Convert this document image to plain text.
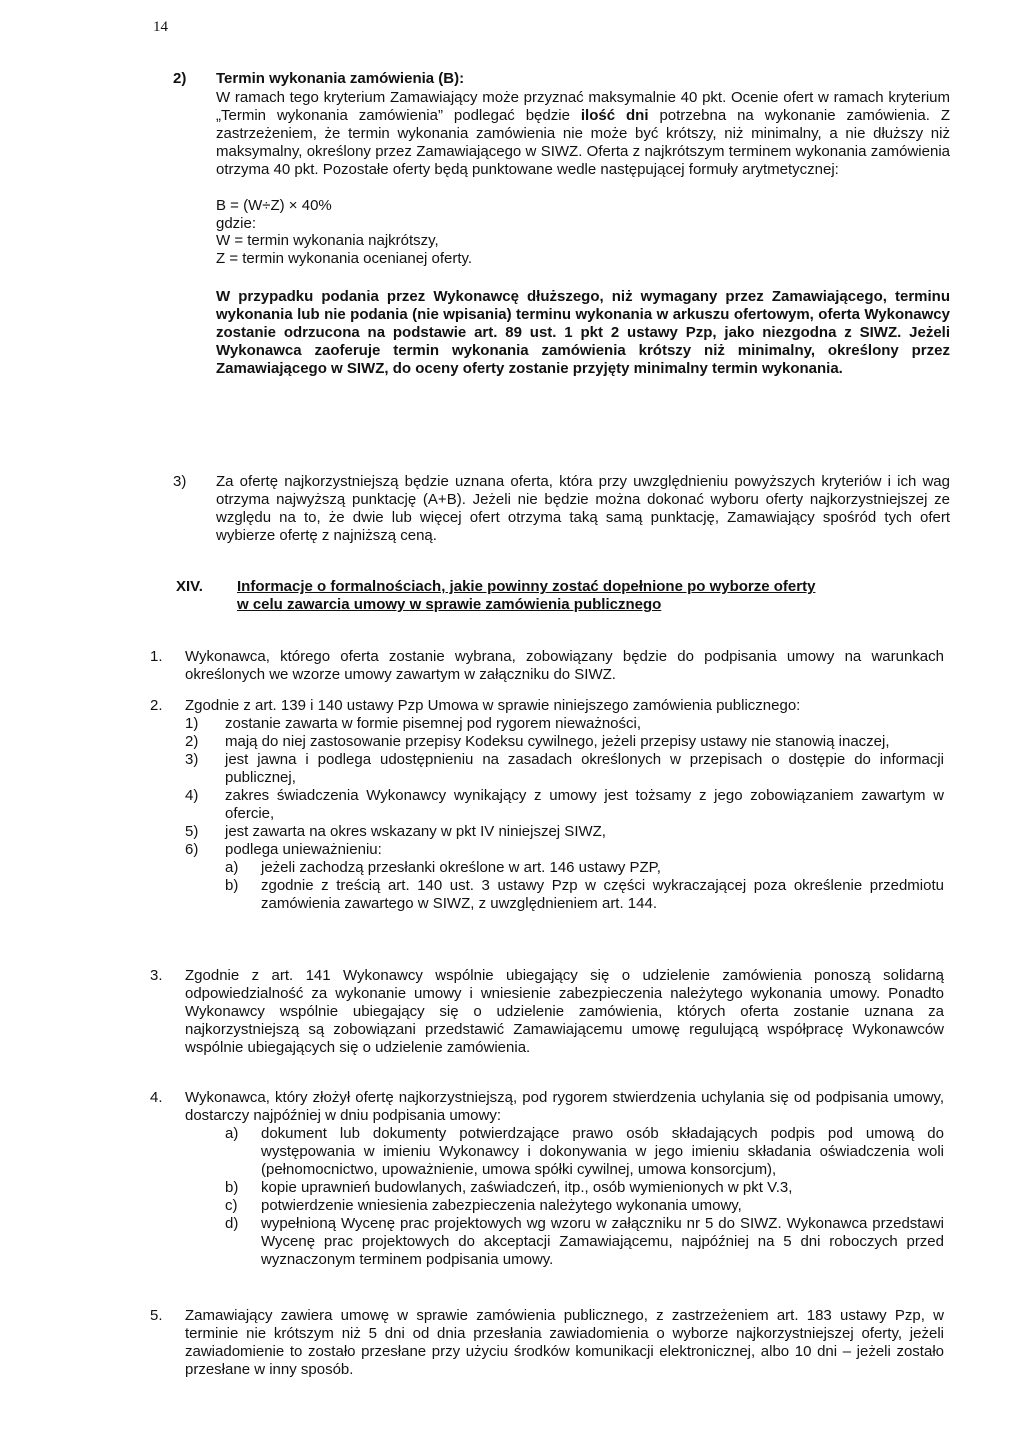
14
2)	Termin wykonania zamówienia (B):

W ramach tego kryterium Zamawiający może przyznać maksymalnie 40 pkt. Ocenie ofert w ramach kryterium „Termin wykonania zamówienia” podlegać będzie ilość dni potrzebna na wykonanie zamówienia. Z zastrzeżeniem, że termin wykonania zamówienia nie może być krótszy, niż minimalny, a nie dłuższy niż maksymalny, określony przez Zamawiającego w SIWZ. Oferta z najkrótszym terminem wykonania zamówienia otrzyma 40 pkt. Pozostałe oferty będą punktowane wedle następującej formuły arytmetycznej:

B = (W÷Z) × 40%

gdzie:

W = termin wykonania najkrótszy,

Z = termin wykonania ocenianej oferty.

W przypadku podania przez Wykonawcę dłuższego, niż wymagany przez Zamawiającego, terminu wykonania lub nie podania (nie wpisania) terminu wykonania w arkuszu ofertowym, oferta Wykonawcy zostanie odrzucona na podstawie art. 89 ust. 1 pkt 2 ustawy Pzp, jako niezgodna z SIWZ. Jeżeli Wykonawca zaoferuje termin wykonania zamówienia krótszy niż minimalny, określony przez Zamawiającego w SIWZ, do oceny oferty zostanie przyjęty minimalny termin wykonania.

3)	Za ofertę najkorzystniejszą będzie uznana oferta, która przy uwzględnieniu powyższych kryteriów i ich wag otrzyma najwyższą punktację (A+B). Jeżeli nie będzie można dokonać wyboru oferty najkorzystniejszej ze względu na to, że dwie lub więcej ofert otrzyma taką samą punktację, Zamawiający spośród tych ofert wybierze ofertę z najniższą ceną.

XIV.	Informacje o formalnościach, jakie powinny zostać dopełnione po wyborze oferty

w celu zawarcia umowy w sprawie zamówienia publicznego

1.	Wykonawca, którego oferta zostanie wybrana, zobowiązany będzie do podpisania umowy na warunkach określonych we wzorze umowy zawartym w załączniku do SIWZ.

2.	Zgodnie z art. 139 i 140 ustawy Pzp Umowa w sprawie niniejszego zamówienia publicznego:

1)	zostanie zawarta w formie pisemnej pod rygorem nieważności,

2)	mają do niej zastosowanie przepisy Kodeksu cywilnego, jeżeli przepisy ustawy nie stanowią inaczej,

3)	jest jawna i podlega udostępnieniu na zasadach określonych w przepisach o dostępie do informacji publicznej,

4)	zakres świadczenia Wykonawcy wynikający z umowy jest tożsamy z jego zobowiązaniem zawartym w ofercie,

5)	jest zawarta na okres wskazany w pkt IV niniejszej SIWZ,

6)	podlega unieważnieniu:

a)	jeżeli zachodzą przesłanki określone w art. 146 ustawy PZP,

b)	zgodnie z treścią art. 140 ust. 3 ustawy Pzp w części wykraczającej poza określenie przedmiotu zamówienia zawartego w SIWZ, z uwzględnieniem art. 144.

3.	Zgodnie z art. 141 Wykonawcy wspólnie ubiegający się o udzielenie zamówienia ponoszą solidarną odpowiedzialność za wykonanie umowy i wniesienie zabezpieczenia należytego wykonania umowy. Ponadto Wykonawcy wspólnie ubiegający się o udzielenie zamówienia, których oferta zostanie uznana za najkorzystniejszą są zobowiązani przedstawić Zamawiającemu umowę regulującą współpracę Wykonawców wspólnie ubiegających się o udzielenie zamówienia.

4.	Wykonawca, który złożył ofertę najkorzystniejszą, pod rygorem stwierdzenia uchylania się od podpisania umowy, dostarczy najpóźniej w dniu podpisania umowy:

a)	dokument lub dokumenty potwierdzające prawo osób składających podpis pod umową do występowania w imieniu Wykonawcy i dokonywania w jego imieniu składania oświadczenia woli (pełnomocnictwo, upoważnienie, umowa spółki cywilnej, umowa konsorcjum),

b)	kopie uprawnień budowlanych, zaświadczeń, itp., osób wymienionych w pkt V.3,

c)	potwierdzenie wniesienia zabezpieczenia należytego wykonania umowy,

d)	wypełnioną Wycenę prac projektowych wg wzoru w załączniku nr 5 do SIWZ. Wykonawca przedstawi Wycenę prac projektowych do akceptacji Zamawiającemu, najpóźniej na 5 dni roboczych przed wyznaczonym terminem podpisania umowy.

5.	Zamawiający zawiera umowę w sprawie zamówienia publicznego, z zastrzeżeniem art. 183 ustawy Pzp, w terminie nie krótszym niż 5 dni od dnia przesłania zawiadomienia o wyborze najkorzystniejszej oferty, jeżeli zawiadomienie to zostało przesłane przy użyciu środków komunikacji elektronicznej, albo 10 dni – jeżeli zostało przesłane w inny sposób.
